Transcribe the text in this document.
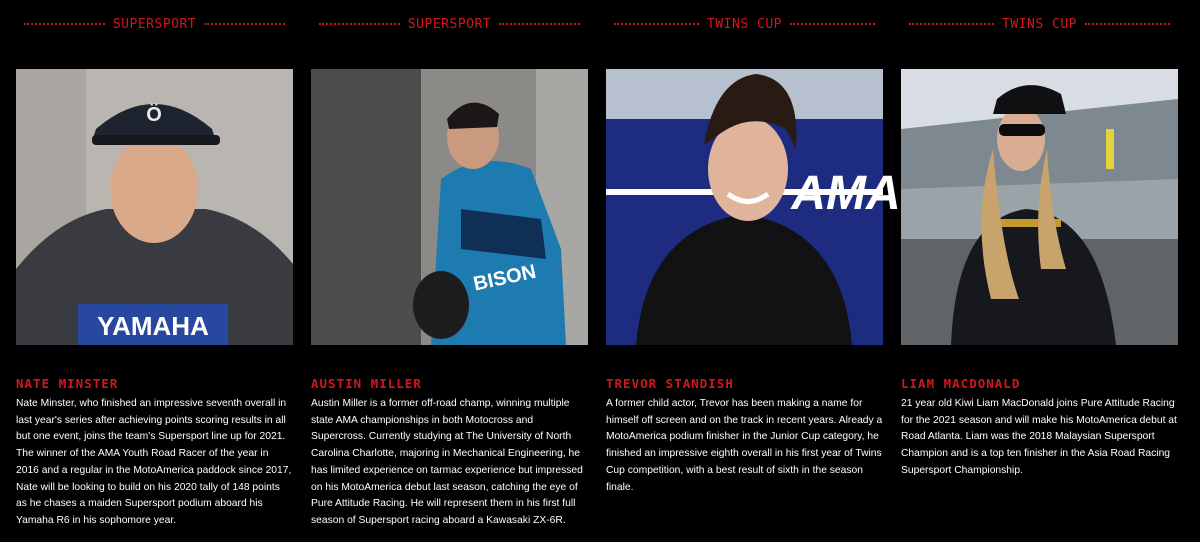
SUPERSPORT
YAMAHA
Ö
NATE MINSTER
Nate Minster, who finished an impressive seventh overall in last year's series after achieving points scoring results in all but one event, joins the team's Supersport line up for 2021. The winner of the AMA Youth Road Racer of the year in 2016 and a regular in the MotoAmerica paddock since 2017, Nate will be looking to build on his 2020 tally of 148 points as he chases a maiden Supersport podium aboard his Yamaha R6 in his sophomore year.
SUPERSPORT
BISON
AUSTIN MILLER
Austin Miller is a former off-road champ, winning multiple state AMA championships in both Motocross and Supercross. Currently studying at The University of North Carolina Charlotte, majoring in Mechanical Engineering, he has limited experience on tarmac experience but impressed on his MotoAmerica debut last season, catching the eye of Pure Attitude Racing. He will represent them in his first full season of Supersport racing aboard a Kawasaki ZX-6R.
TWINS CUP
AMA
TREVOR STANDISH
A former child actor, Trevor has been making a name for himself off screen and on the track in recent years. Already a MotoAmerica podium finisher in the Junior Cup category, he finished an impressive eighth overall in his first year of Twins Cup competition, with a best result of sixth in the season finale.
TWINS CUP
LIAM MACDONALD
21 year old Kiwi Liam MacDonald joins Pure Attitude Racing for the 2021 season and will make his MotoAmerica debut at Road Atlanta. Liam was the 2018 Malaysian Supersport Champion and is a top ten finisher in the Asia Road Racing Supersport Championship.
